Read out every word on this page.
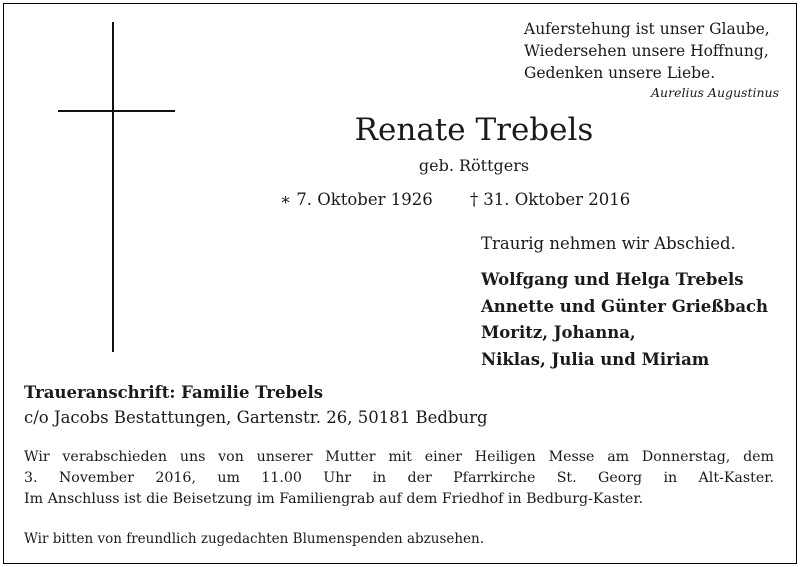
Auferstehung ist unser Glaube,
Wiedersehen unsere Hoffnung,
Gedenken unsere Liebe.
Aurelius Augustinus
Renate Trebels
geb. Röttgers
∗ 7. Oktober 1926 † 31. Oktober 2016
Traurig nehmen wir Abschied.
Wolfgang und Helga Trebels
Annette und Günter Grießbach
Moritz, Johanna,
Niklas, Julia und Miriam
Traueranschrift: Familie Trebels
c/o Jacobs Bestattungen, Gartenstr. 26, 50181 Bedburg
Wir verabschieden uns von unserer Mutter mit einer Heiligen Messe am Donnerstag, dem
3. November 2016, um 11.00 Uhr in der Pfarrkirche St. Georg in Alt-Kaster.
Im Anschluss ist die Beisetzung im Familiengrab auf dem Friedhof in Bedburg-Kaster.
Wir bitten von freundlich zugedachten Blumenspenden abzusehen.
